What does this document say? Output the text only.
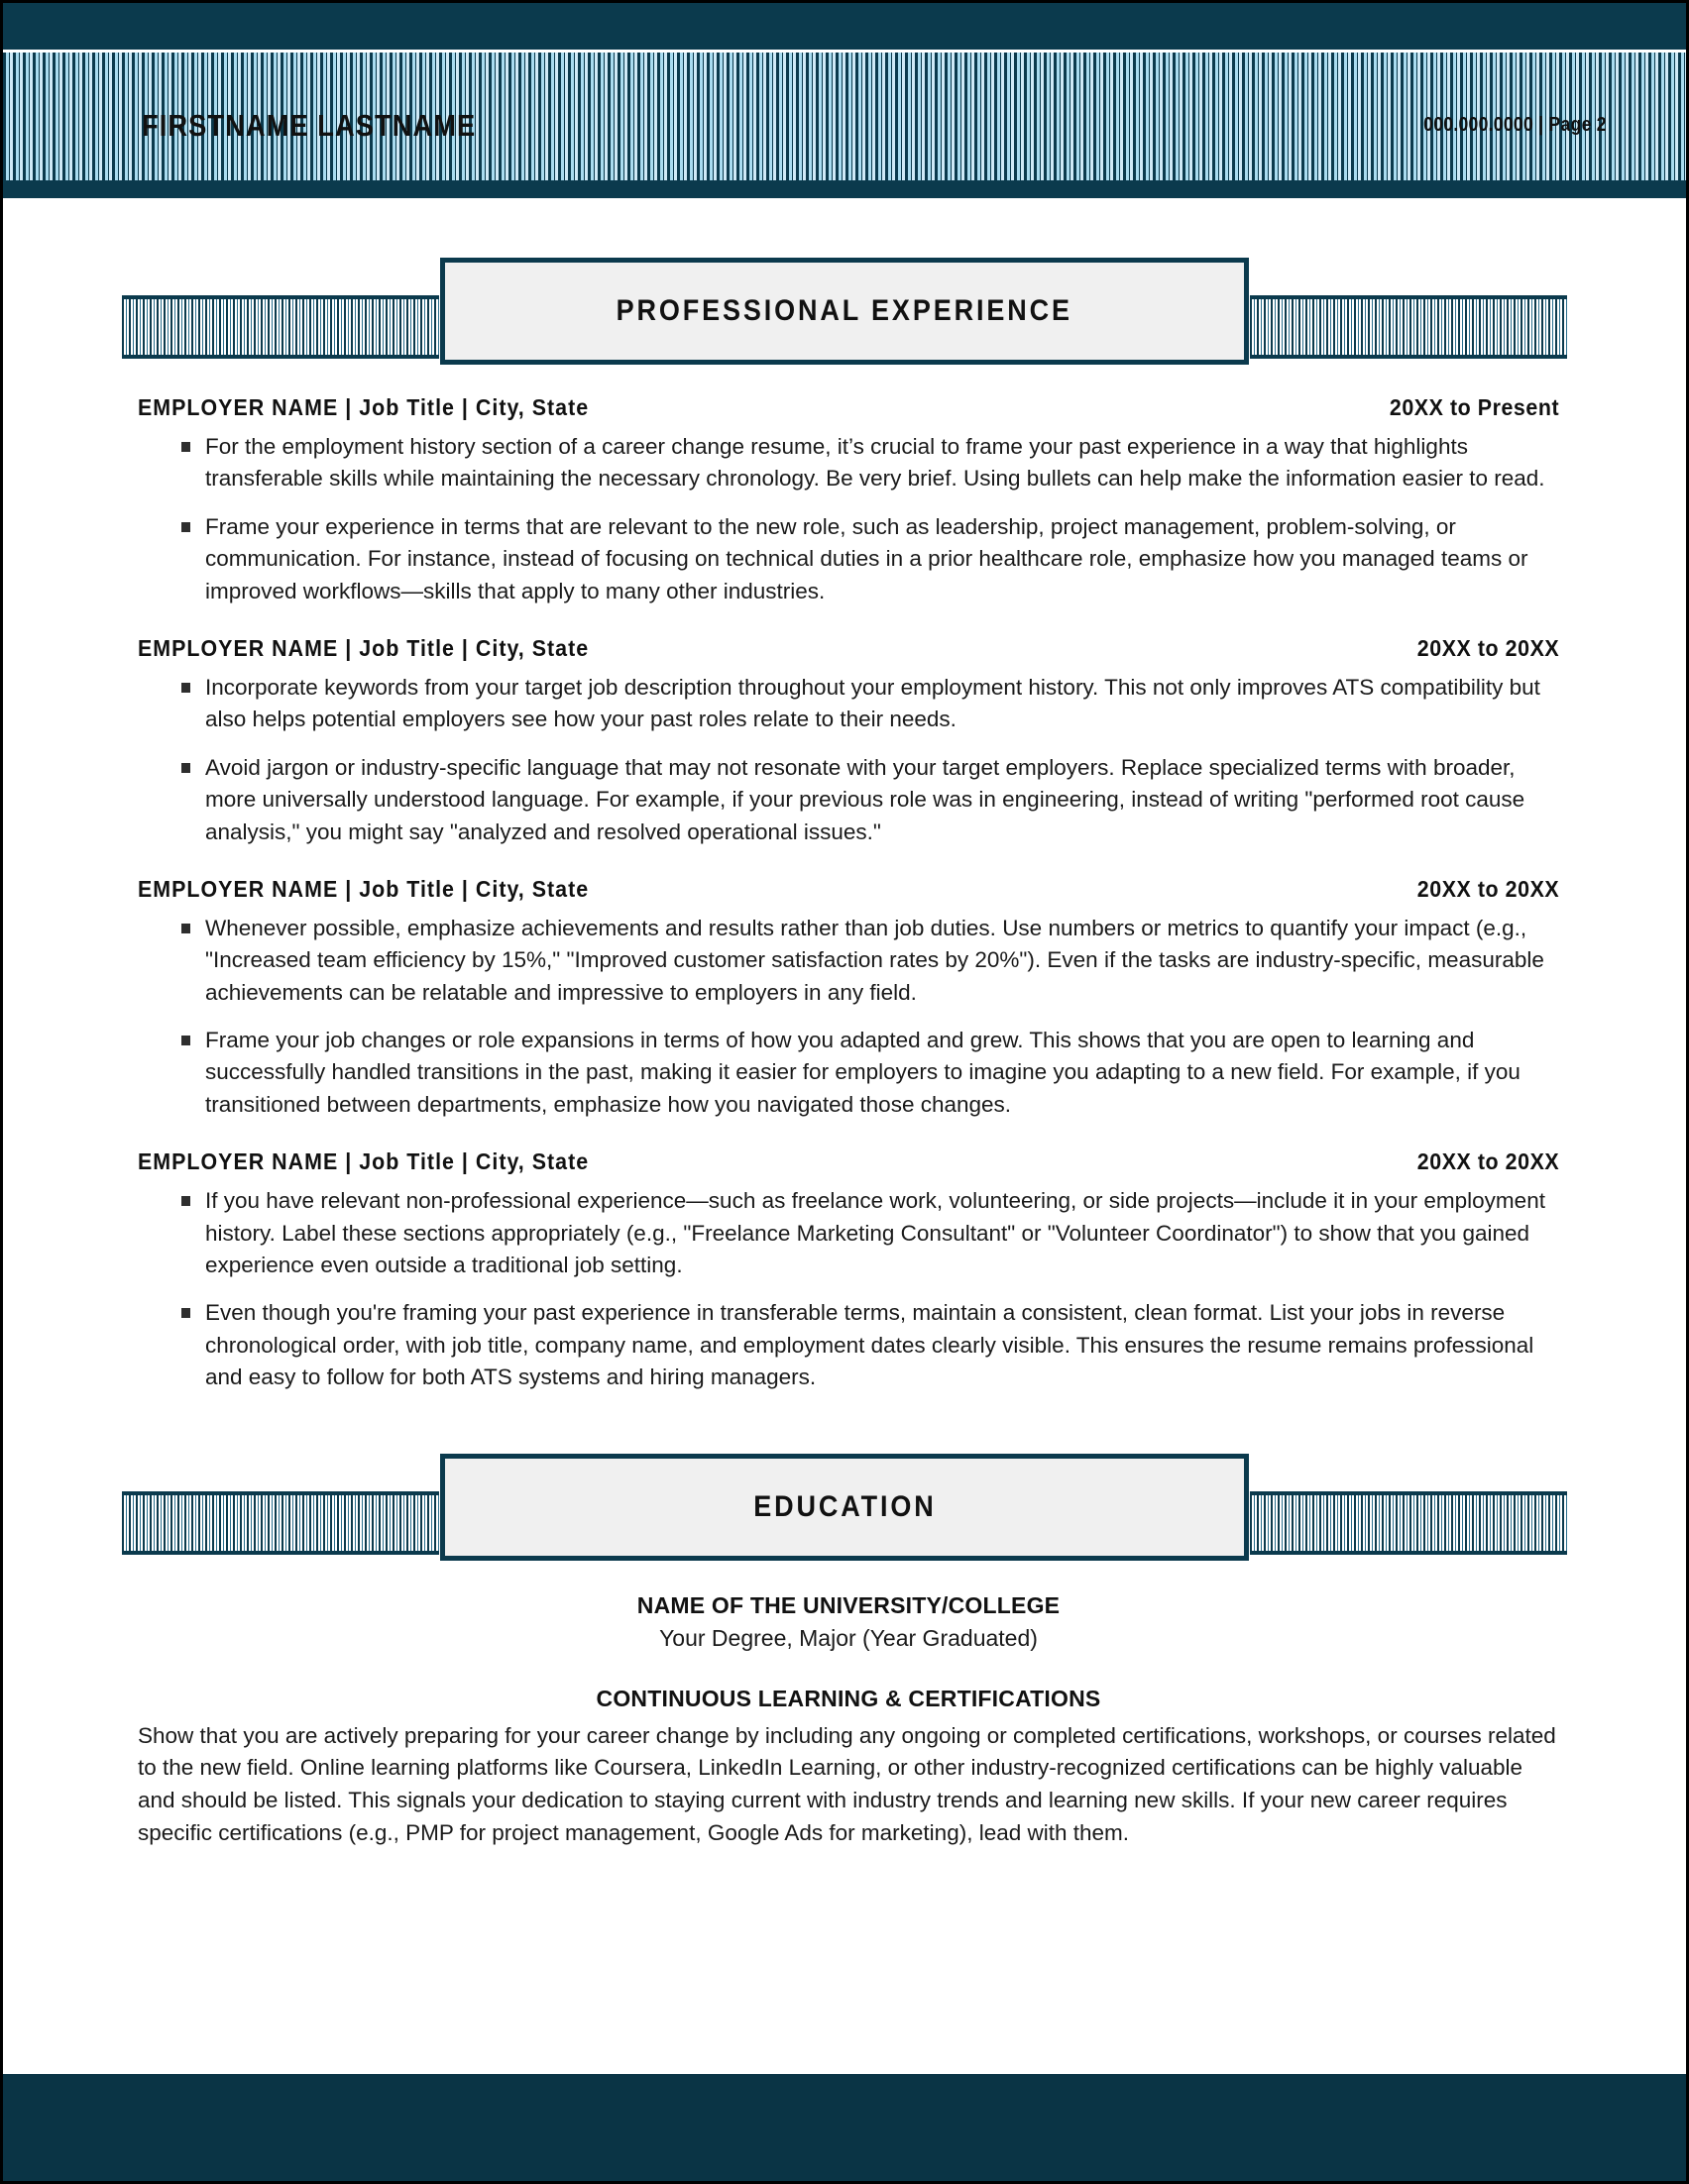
FIRSTNAME LASTNAME	000.000.0000 | Page 2
PROFESSIONAL EXPERIENCE
EMPLOYER NAME | Job Title | City, State	20XX to Present
For the employment history section of a career change resume, it’s crucial to frame your past experience in a way that highlights transferable skills while maintaining the necessary chronology. Be very brief. Using bullets can help make the information easier to read.
Frame your experience in terms that are relevant to the new role, such as leadership, project management, problem-solving, or communication. For instance, instead of focusing on technical duties in a prior healthcare role, emphasize how you managed teams or improved workflows—skills that apply to many other industries.
EMPLOYER NAME | Job Title | City, State	20XX to 20XX
Incorporate keywords from your target job description throughout your employment history. This not only improves ATS compatibility but also helps potential employers see how your past roles relate to their needs.
Avoid jargon or industry-specific language that may not resonate with your target employers. Replace specialized terms with broader, more universally understood language. For example, if your previous role was in engineering, instead of writing "performed root cause analysis," you might say "analyzed and resolved operational issues."
EMPLOYER NAME | Job Title | City, State	20XX to 20XX
Whenever possible, emphasize achievements and results rather than job duties. Use numbers or metrics to quantify your impact (e.g., "Increased team efficiency by 15%," "Improved customer satisfaction rates by 20%"). Even if the tasks are industry-specific, measurable achievements can be relatable and impressive to employers in any field.
Frame your job changes or role expansions in terms of how you adapted and grew. This shows that you are open to learning and successfully handled transitions in the past, making it easier for employers to imagine you adapting to a new field. For example, if you transitioned between departments, emphasize how you navigated those changes.
EMPLOYER NAME | Job Title | City, State	20XX to 20XX
If you have relevant non-professional experience—such as freelance work, volunteering, or side projects—include it in your employment history. Label these sections appropriately (e.g., "Freelance Marketing Consultant" or "Volunteer Coordinator") to show that you gained experience even outside a traditional job setting.
Even though you're framing your past experience in transferable terms, maintain a consistent, clean format. List your jobs in reverse chronological order, with job title, company name, and employment dates clearly visible. This ensures the resume remains professional and easy to follow for both ATS systems and hiring managers.
EDUCATION
NAME OF THE UNIVERSITY/COLLEGE
Your Degree, Major (Year Graduated)
CONTINUOUS LEARNING & CERTIFICATIONS
Show that you are actively preparing for your career change by including any ongoing or completed certifications, workshops, or courses related to the new field. Online learning platforms like Coursera, LinkedIn Learning, or other industry-recognized certifications can be highly valuable and should be listed. This signals your dedication to staying current with industry trends and learning new skills. If your new career requires specific certifications (e.g., PMP for project management, Google Ads for marketing), lead with them.
